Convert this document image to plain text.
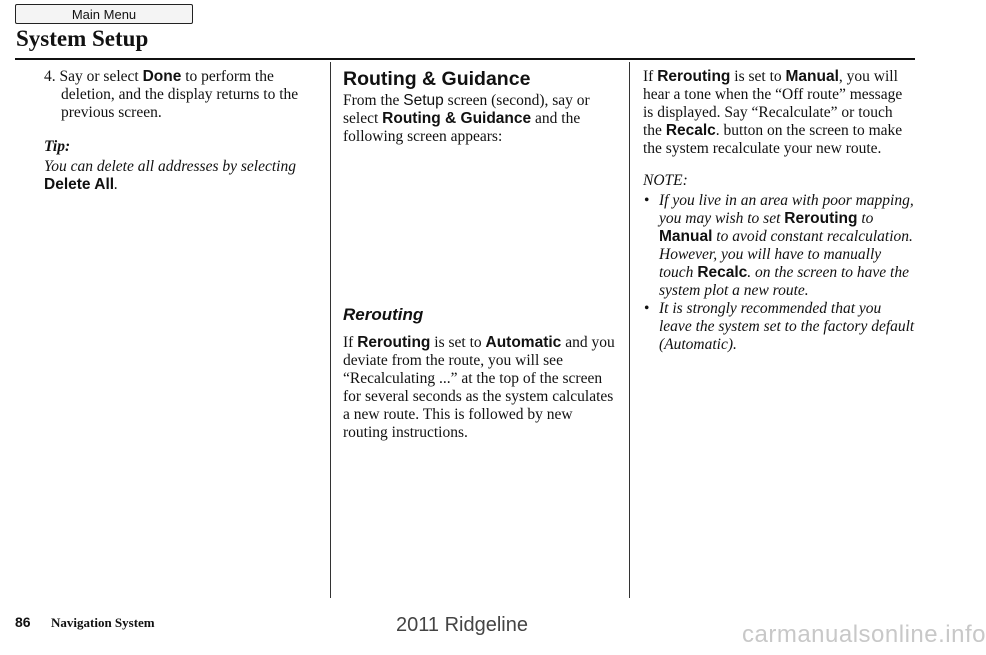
Main Menu
System Setup

4. Say or select Done to perform the deletion, and the display returns to the previous screen.

Tip:

You can delete all addresses by selecting Delete All.

Routing & Guidance

From the Setup screen (second), say or select Routing & Guidance and the following screen appears:

Rerouting

If Rerouting is set to Automatic and you deviate from the route, you will see “Recalculating ...” at the top of the screen for several seconds as the system calculates a new route. This is followed by new routing instructions.

If Rerouting is set to Manual, you will hear a tone when the “Off route” message is displayed. Say “Recalculate” or touch the Recalc. button on the screen to make the system recalculate your new route.

NOTE:

• If you live in an area with poor mapping, you may wish to set Rerouting to Manual to avoid constant recalculation. However, you will have to manually touch Recalc. on the screen to have the system plot a new route.
• It is strongly recommended that you leave the system set to the factory default (Automatic).
86 Navigation System	2011 Ridgeline	carmanualsonline.info
